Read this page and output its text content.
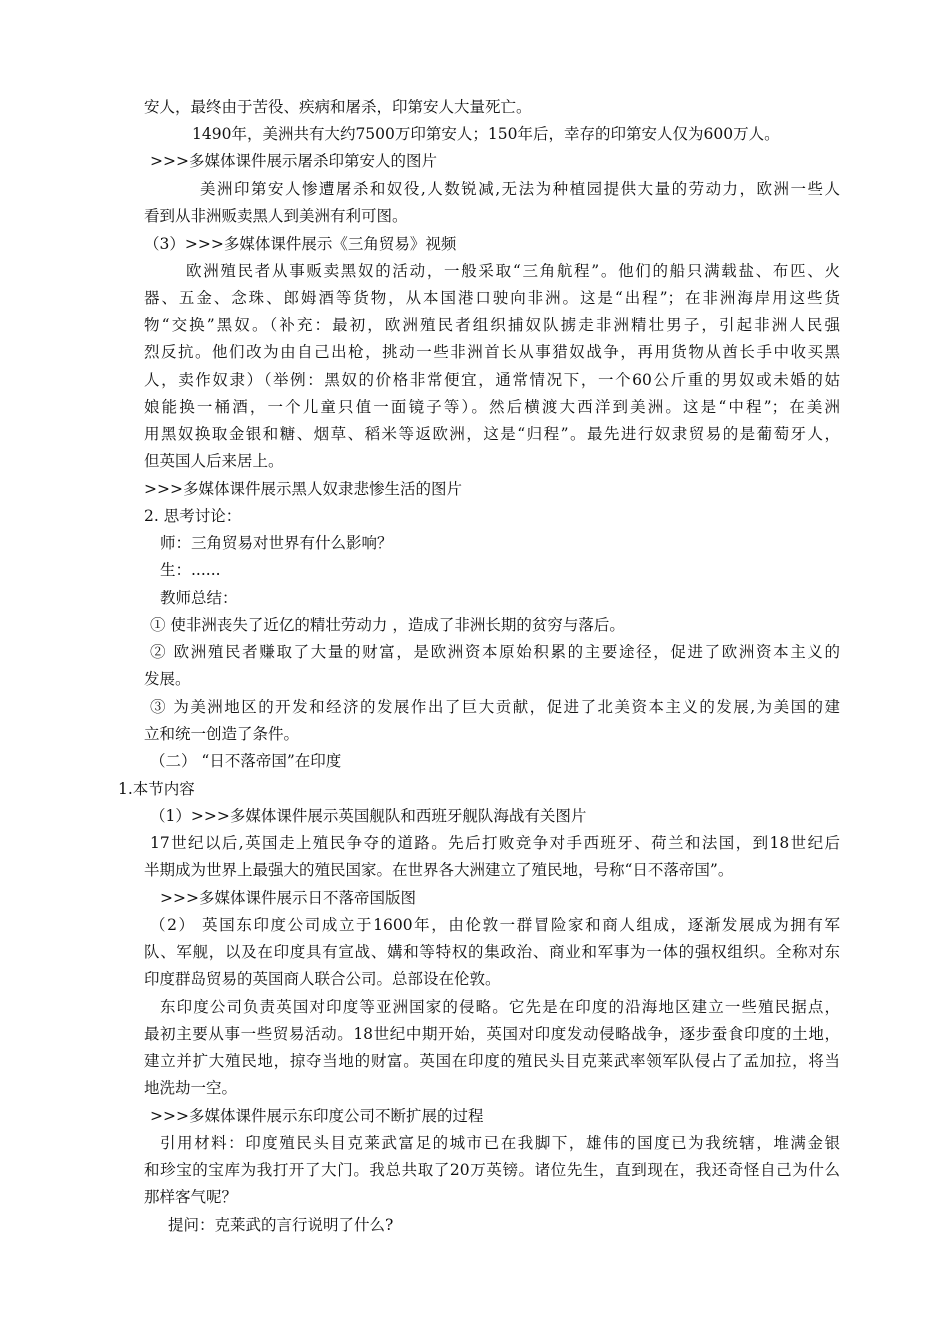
安人，最终由于苦役、疾病和屠杀，印第安人大量死亡。
1490年，美洲共有大约7500万印第安人；150年后，幸存的印第安人仅为600万人。
>>>多媒体课件展示屠杀印第安人的图片
美洲印第安人惨遭屠杀和奴役,人数锐减,无法为种植园提供大量的劳动力，欧洲一些人
看到从非洲贩卖黑人到美洲有利可图。
（3）>>>多媒体课件展示《三角贸易》视频
欧洲殖民者从事贩卖黑奴的活动，一般采取“三角航程”。他们的船只满载盐、布匹、火
器、五金、念珠、郎姆酒等货物，从本国港口驶向非洲。这是“出程”；在非洲海岸用这些货
物“交换”黑奴。（补充：最初，欧洲殖民者组织捕奴队掳走非洲精壮男子，引起非洲人民强
烈反抗。他们改为由自己出枪，挑动一些非洲首长从事猎奴战争，再用货物从酋长手中收买黑
人，卖作奴隶）（举例：黑奴的价格非常便宜，通常情况下，一个60公斤重的男奴或未婚的姑
娘能换一桶酒，一个儿童只值一面镜子等）。然后横渡大西洋到美洲。这是“中程”；在美洲
用黑奴换取金银和糖、烟草、稻米等返欧洲，这是“归程”。最先进行奴隶贸易的是葡萄牙人，
但英国人后来居上。
>>>多媒体课件展示黑人奴隶悲惨生活的图片
2. 思考讨论：
师：三角贸易对世界有什么影响？
生：......
教师总结：
① 使非洲丧失了近亿的精壮劳动力 ，造成了非洲长期的贫穷与落后。
② 欧洲殖民者赚取了大量的财富，是欧洲资本原始积累的主要途径，促进了欧洲资本主义的
发展。
③ 为美洲地区的开发和经济的发展作出了巨大贡献，促进了北美资本主义的发展,为美国的建
立和统一创造了条件。
（二） “日不落帝国”在印度
1.本节内容
（1）>>>多媒体课件展示英国舰队和西班牙舰队海战有关图片
17世纪以后,英国走上殖民争夺的道路。先后打败竞争对手西班牙、荷兰和法国，到18世纪后
半期成为世界上最强大的殖民国家。在世界各大洲建立了殖民地，号称“日不落帝国”。
>>>多媒体课件展示日不落帝国版图
（2） 英国东印度公司成立于1600年，由伦敦一群冒险家和商人组成，逐渐发展成为拥有军
队、军舰，以及在印度具有宣战、媾和等特权的集政治、商业和军事为一体的强权组织。全称对东
印度群岛贸易的英国商人联合公司。总部设在伦敦。
东印度公司负责英国对印度等亚洲国家的侵略。它先是在印度的沿海地区建立一些殖民据点，
最初主要从事一些贸易活动。18世纪中期开始，英国对印度发动侵略战争，逐步蚕食印度的土地，
建立并扩大殖民地，掠夺当地的财富。英国在印度的殖民头目克莱武率领军队侵占了孟加拉，将当
地洗劫一空。
>>>多媒体课件展示东印度公司不断扩展的过程
引用材料：印度殖民头目克莱武富足的城市已在我脚下，雄伟的国度已为我统辖，堆满金银
和珍宝的宝库为我打开了大门。我总共取了20万英镑。诸位先生，直到现在，我还奇怪自己为什么
那样客气呢？
提问：克莱武的言行说明了什么?
